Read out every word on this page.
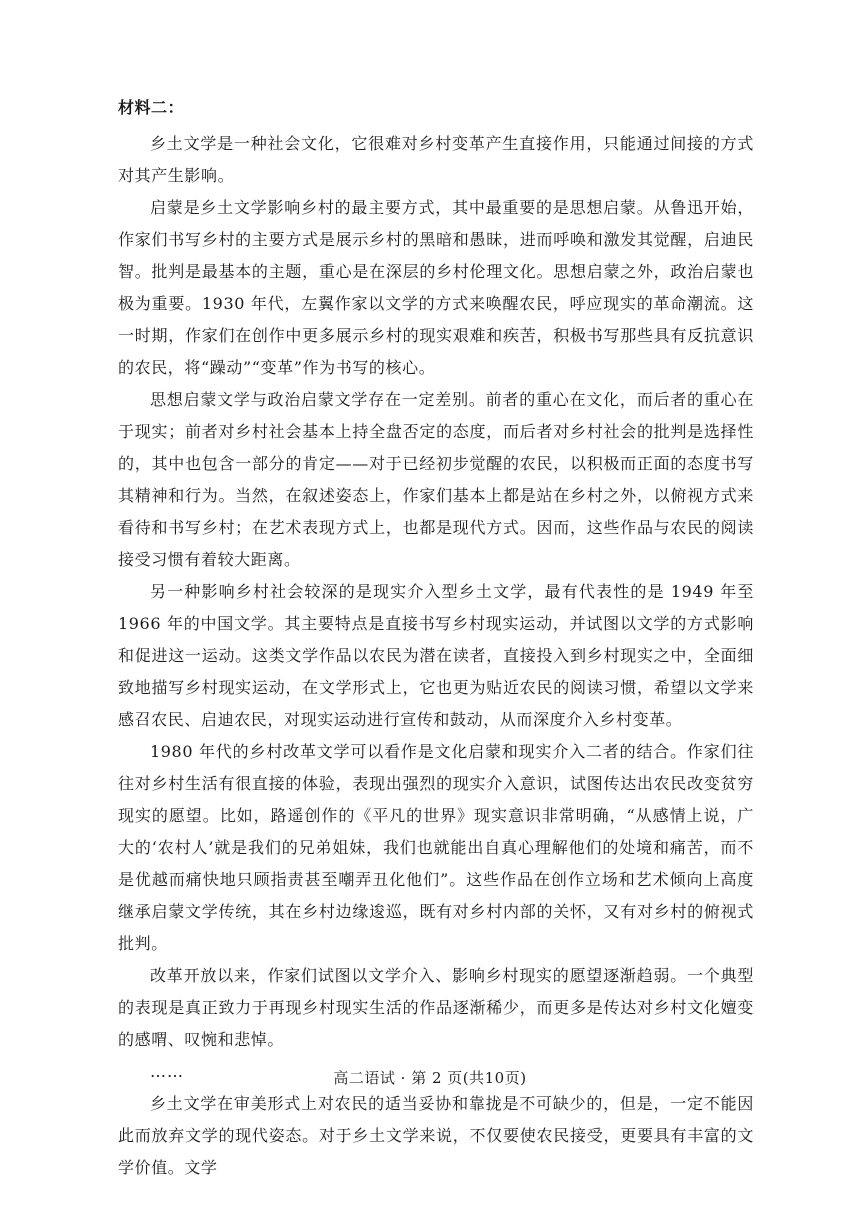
材料二：

乡土文学是一种社会文化，它很难对乡村变革产生直接作用，只能通过间接的方式对其产生影响。

启蒙是乡土文学影响乡村的最主要方式，其中最重要的是思想启蒙。从鲁迅开始，作家们书写乡村的主要方式是展示乡村的黑暗和愚昧，进而呼唤和激发其觉醒，启迪民智。批判是最基本的主题，重心是在深层的乡村伦理文化。思想启蒙之外，政治启蒙也极为重要。1930 年代，左翼作家以文学的方式来唤醒农民，呼应现实的革命潮流。这一时期，作家们在创作中更多展示乡村的现实艰难和疾苦，积极书写那些具有反抗意识的农民，将“躁动”“变革”作为书写的核心。

思想启蒙文学与政治启蒙文学存在一定差别。前者的重心在文化，而后者的重心在于现实；前者对乡村社会基本上持全盘否定的态度，而后者对乡村社会的批判是选择性的，其中也包含一部分的肯定——对于已经初步觉醒的农民，以积极而正面的态度书写其精神和行为。当然，在叙述姿态上，作家们基本上都是站在乡村之外，以俯视方式来看待和书写乡村；在艺术表现方式上，也都是现代方式。因而，这些作品与农民的阅读接受习惯有着较大距离。

另一种影响乡村社会较深的是现实介入型乡土文学，最有代表性的是 1949 年至 1966 年的中国文学。其主要特点是直接书写乡村现实运动，并试图以文学的方式影响和促进这一运动。这类文学作品以农民为潜在读者，直接投入到乡村现实之中，全面细致地描写乡村现实运动，在文学形式上，它也更为贴近农民的阅读习惯，希望以文学来感召农民、启迪农民，对现实运动进行宣传和鼓动，从而深度介入乡村变革。

1980 年代的乡村改革文学可以看作是文化启蒙和现实介入二者的结合。作家们往往对乡村生活有很直接的体验，表现出强烈的现实介入意识，试图传达出农民改变贫穷现实的愿望。比如，路遥创作的《平凡的世界》现实意识非常明确，“从感情上说，广大的‘农村人’就是我们的兄弟姐妹，我们也就能出自真心理解他们的处境和痛苦，而不是优越而痛快地只顾指责甚至嘲弄丑化他们”。这些作品在创作立场和艺术倾向上高度继承启蒙文学传统，其在乡村边缘逡巡，既有对乡村内部的关怀，又有对乡村的俯视式批判。

改革开放以来，作家们试图以文学介入、影响乡村现实的愿望逐渐趋弱。一个典型的表现是真正致力于再现乡村现实生活的作品逐渐稀少，而更多是传达对乡村文化嬗变的感喟、叹惋和悲悼。

……

乡土文学在审美形式上对农民的适当妥协和靠拢是不可缺少的，但是，一定不能因此而放弃文学的现代姿态。对于乡土文学来说，不仅要使农民接受，更要具有丰富的文学价值。文学

高二语试 · 第 2 页(共10页)
